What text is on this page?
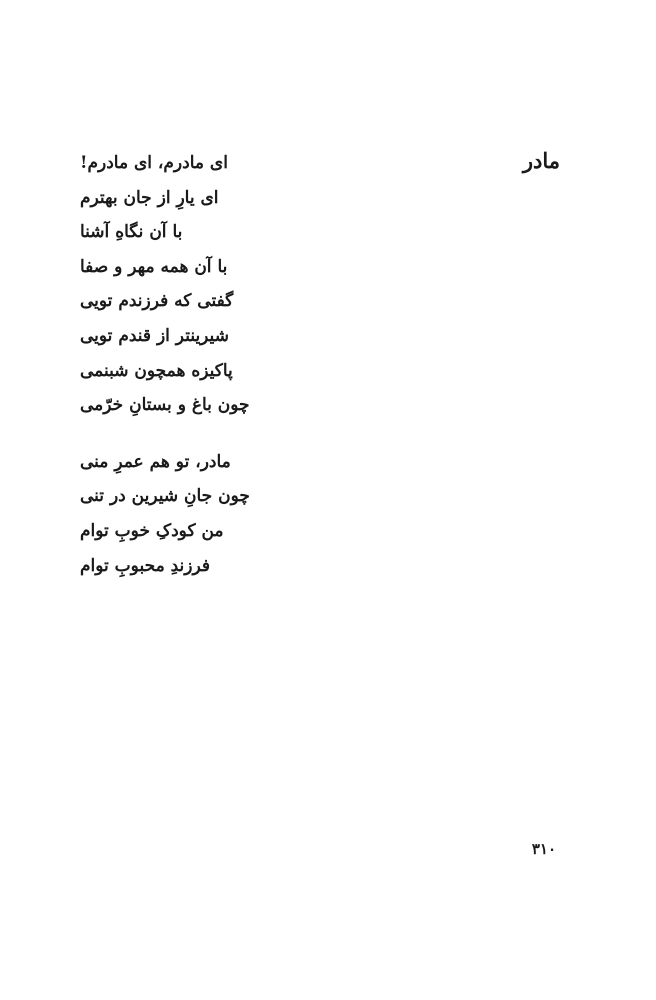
مادر
ای مادرم، ای مادرم!
ای یارِ از جان بهترم
با آن نگاهِ آشنا
با آن همه مهر و صفا
گفتی که فرزندم تویی
شیرینتر از قندم تویی
پاکیزه همچون شبنمی
چون باغ و بستانِ خرّمی
مادر، تو هم عمرِ منی
چون جانِ شیرین در تنی
من کودکِ خوبِ توام
فرزندِ محبوبِ توام
۳۱۰
